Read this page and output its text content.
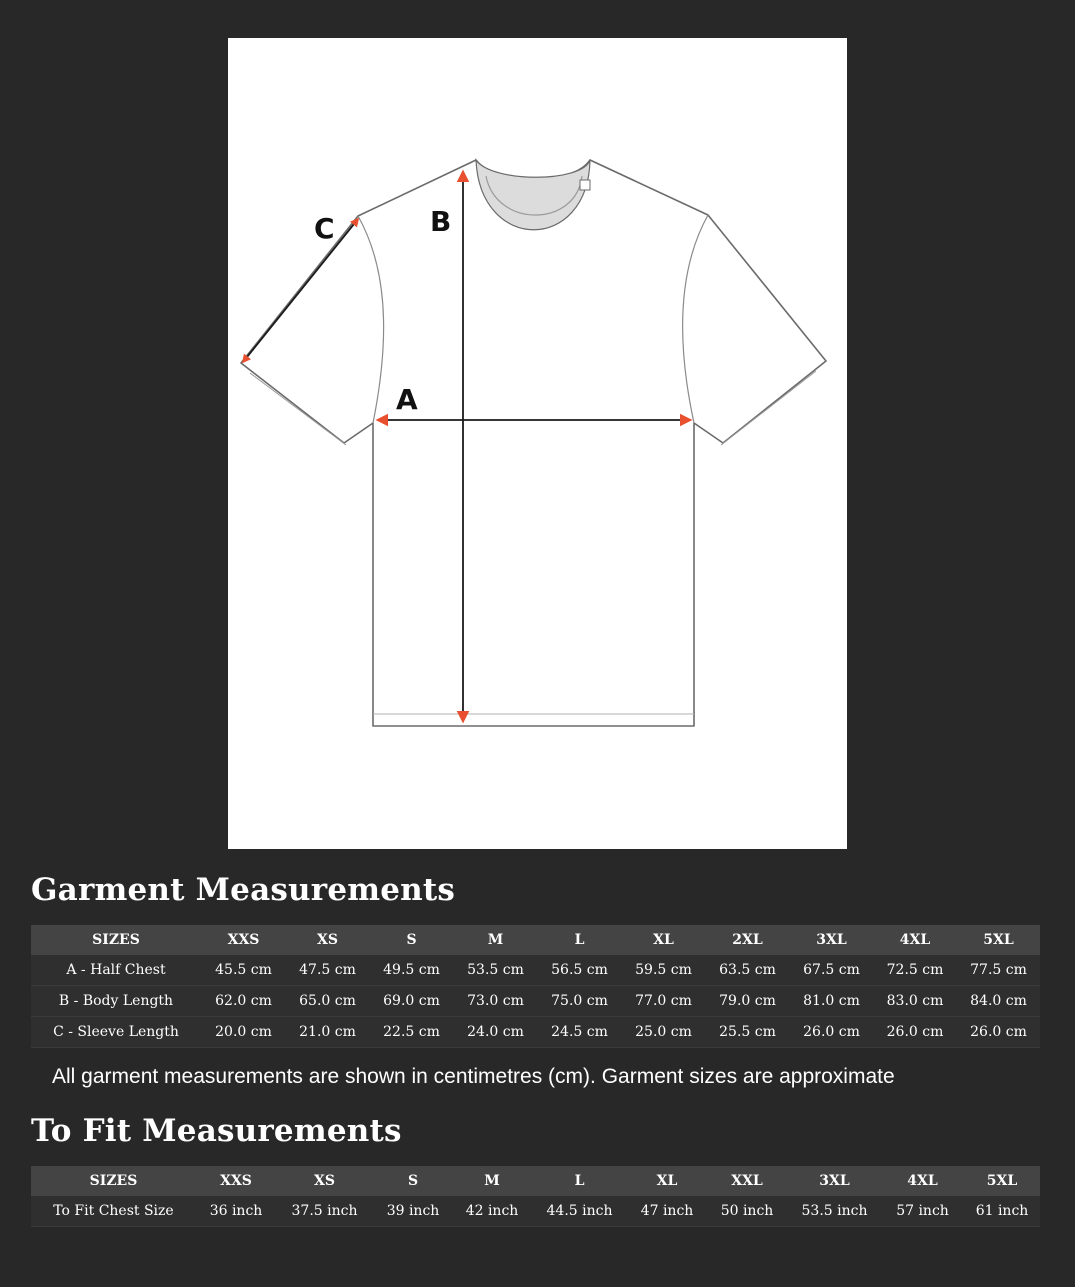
A
B
C
Garment Measurements
SIZES	XXS	XS	S	M	L	XL	2XL	3XL	4XL	5XL
A - Half Chest	45.5 cm	47.5 cm	49.5 cm	53.5 cm	56.5 cm	59.5 cm	63.5 cm	67.5 cm	72.5 cm	77.5 cm
B - Body Length	62.0 cm	65.0 cm	69.0 cm	73.0 cm	75.0 cm	77.0 cm	79.0 cm	81.0 cm	83.0 cm	84.0 cm
C - Sleeve Length	20.0 cm	21.0 cm	22.5 cm	24.0 cm	24.5 cm	25.0 cm	25.5 cm	26.0 cm	26.0 cm	26.0 cm

All garment measurements are shown in centimetres (cm). Garment sizes are approximate

To Fit Measurements
SIZES	XXS	XS	S	M	L	XL	XXL	3XL	4XL	5XL
To Fit Chest Size	36 inch	37.5 inch	39 inch	42 inch	44.5 inch	47 inch	50 inch	53.5 inch	57 inch	61 inch
